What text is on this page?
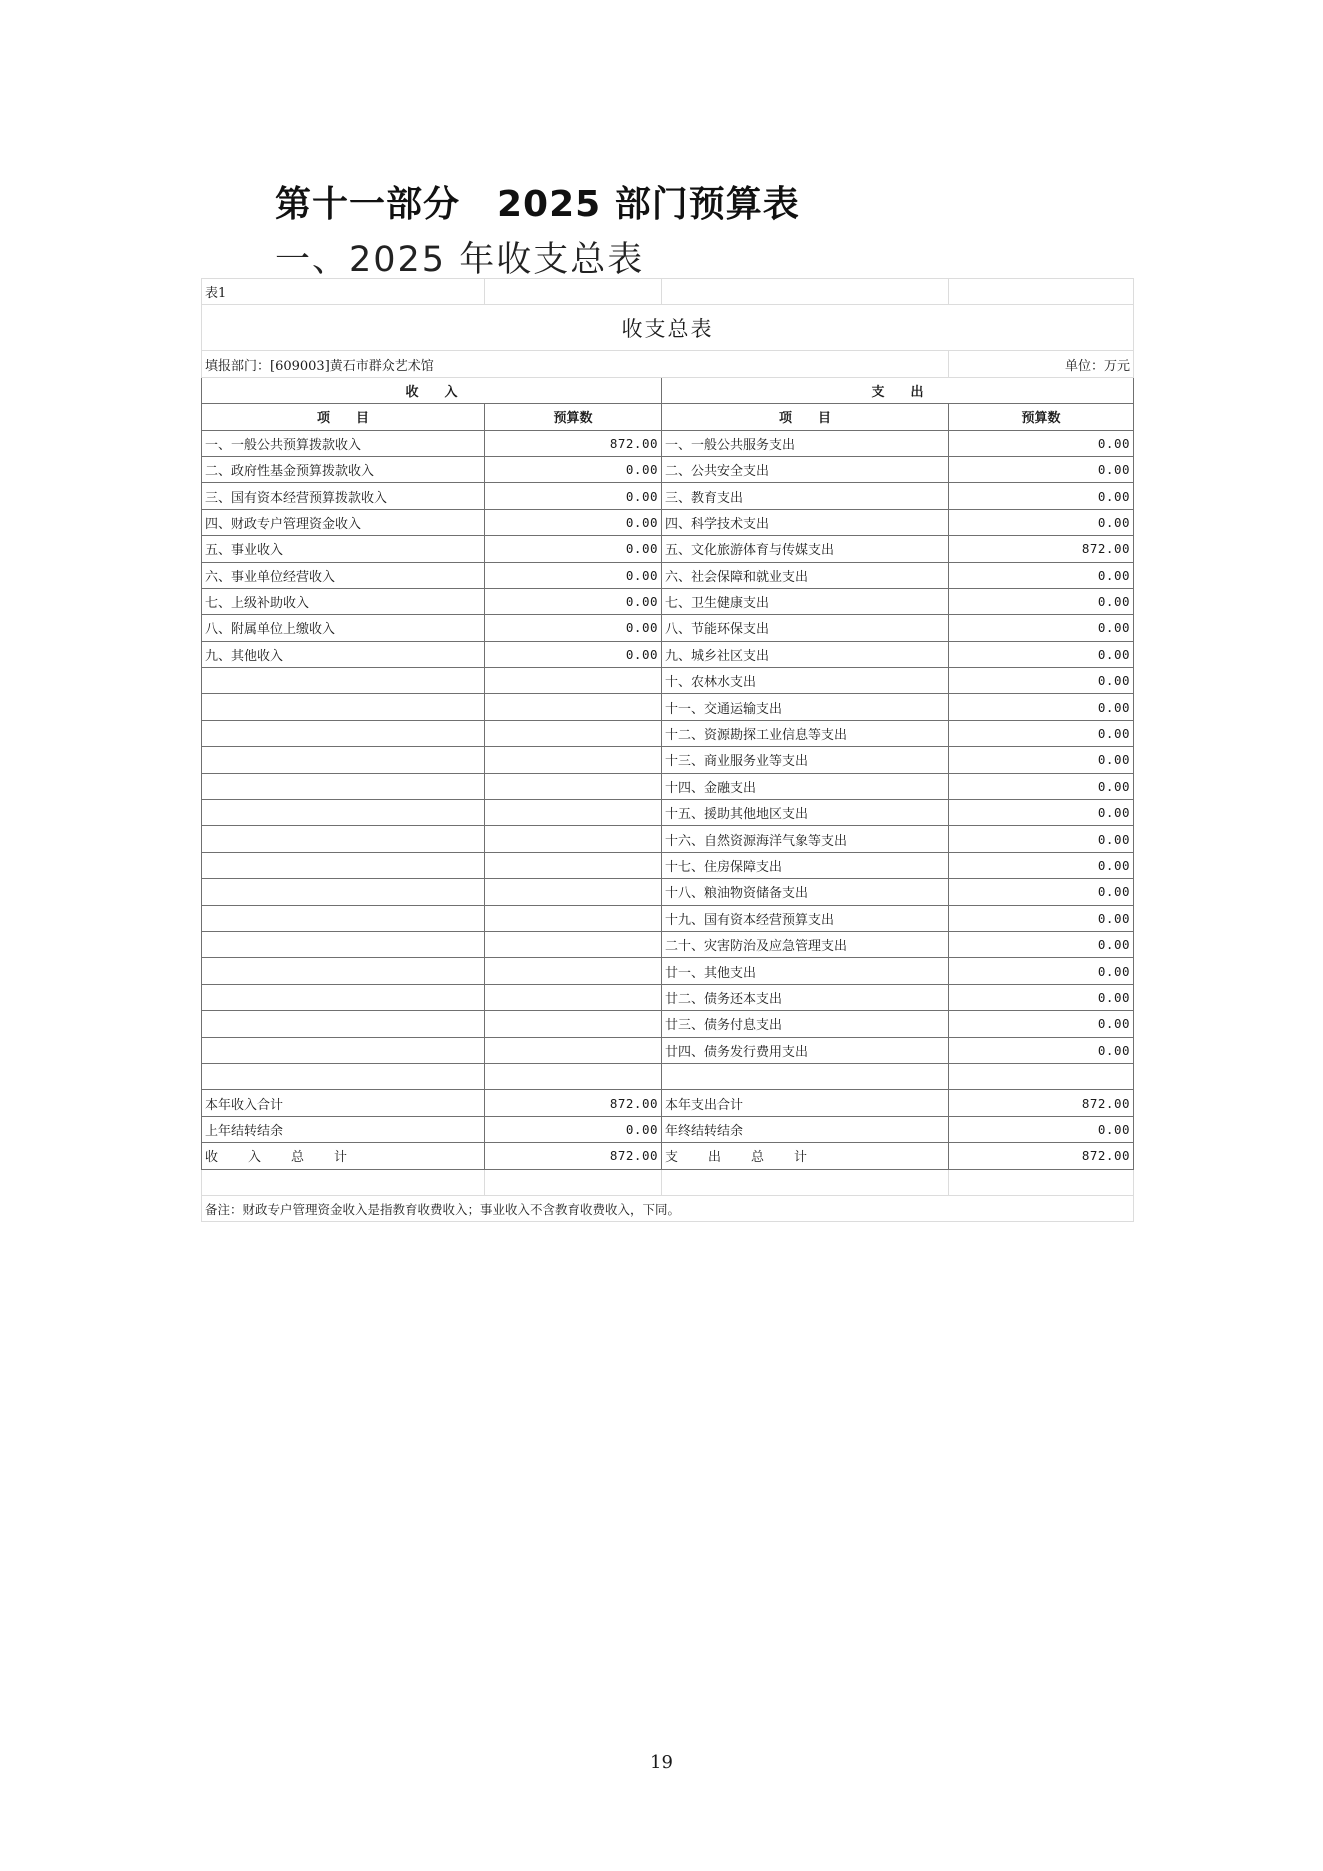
第十一部分　2025 部门预算表
一、2025 年收支总表
表1			
收支总表			
填报部门：[609003]黄石市群众艺术馆			单位：万元
收　　入		支　　出	
项　　目	预算数	项　　目	预算数
一、一般公共预算拨款收入	872.00	一、一般公共服务支出	0.00
二、政府性基金预算拨款收入	0.00	二、公共安全支出	0.00
三、国有资本经营预算拨款收入	0.00	三、教育支出	0.00
四、财政专户管理资金收入	0.00	四、科学技术支出	0.00
五、事业收入	0.00	五、文化旅游体育与传媒支出	872.00
六、事业单位经营收入	0.00	六、社会保障和就业支出	0.00
七、上级补助收入	0.00	七、卫生健康支出	0.00
八、附属单位上缴收入	0.00	八、节能环保支出	0.00
九、其他收入	0.00	九、城乡社区支出	0.00
		十、农林水支出	0.00
		十一、交通运输支出	0.00
		十二、资源勘探工业信息等支出	0.00
		十三、商业服务业等支出	0.00
		十四、金融支出	0.00
		十五、援助其他地区支出	0.00
		十六、自然资源海洋气象等支出	0.00
		十七、住房保障支出	0.00
		十八、粮油物资储备支出	0.00
		十九、国有资本经营预算支出	0.00
		二十、灾害防治及应急管理支出	0.00
		廿一、其他支出	0.00
		廿二、债务还本支出	0.00
		廿三、债务付息支出	0.00
		廿四、债务发行费用支出	0.00

本年收入合计	872.00	本年支出合计	872.00
上年结转结余	0.00	年终结转结余	0.00
收入总计	872.00	支出总计	872.00

备注：财政专户管理资金收入是指教育收费收入；事业收入不含教育收费收入，下同。			

19
